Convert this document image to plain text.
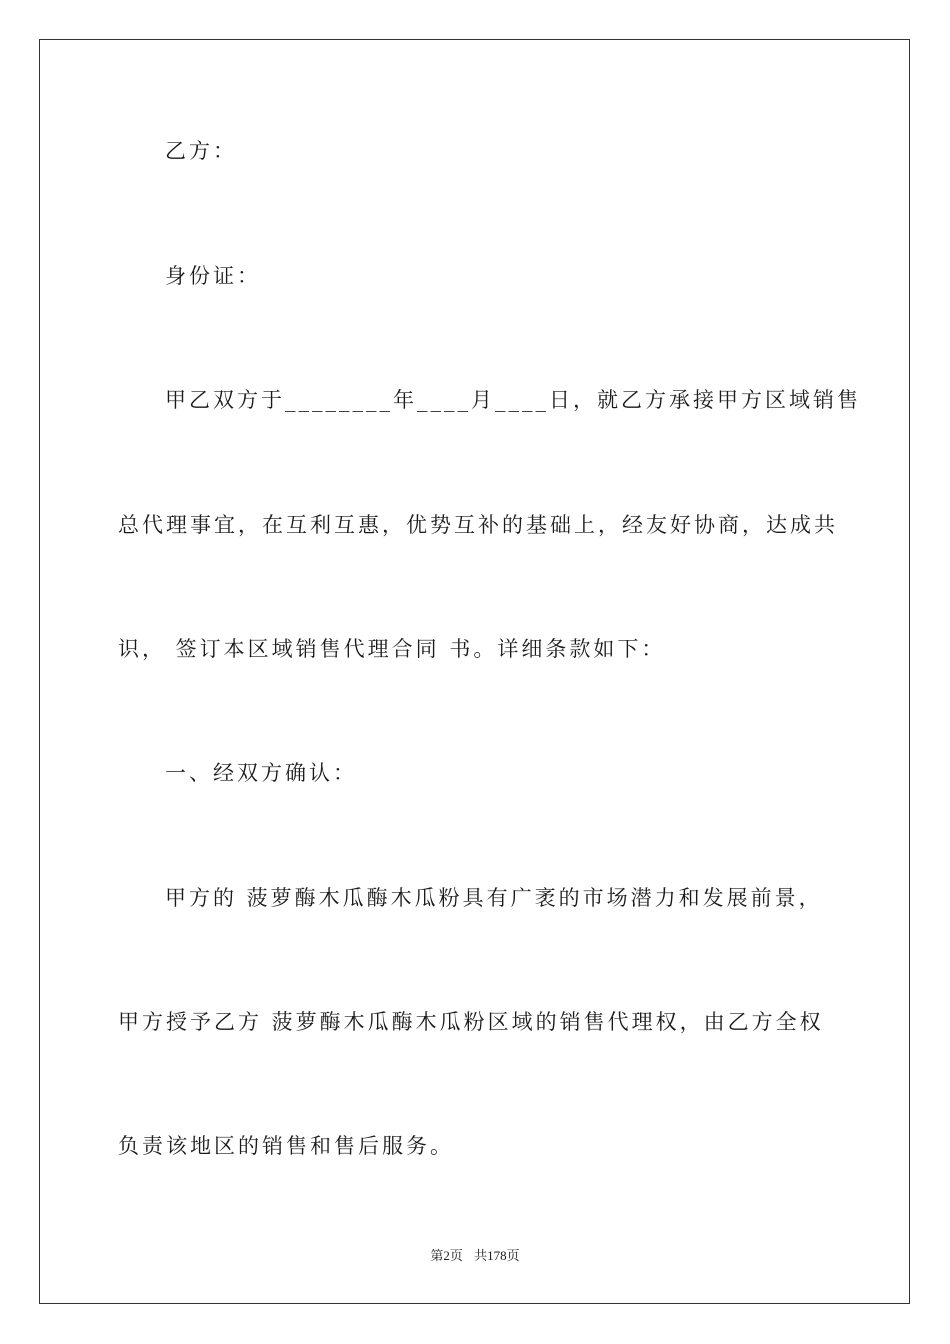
乙方：
身份证：
甲乙双方于________年____月____日，就乙方承接甲方区域销售
总代理事宜，在互利互惠，优势互补的基础上，经友好协商，达成共
识， 签订本区域销售代理合同 书。详细条款如下：
一、经双方确认：
甲方的 菠萝酶木瓜酶木瓜粉具有广袤的市场潜力和发展前景，
甲方授予乙方 菠萝酶木瓜酶木瓜粉区域的销售代理权，由乙方全权
负责该地区的销售和售后服务。
第2页 共178页
